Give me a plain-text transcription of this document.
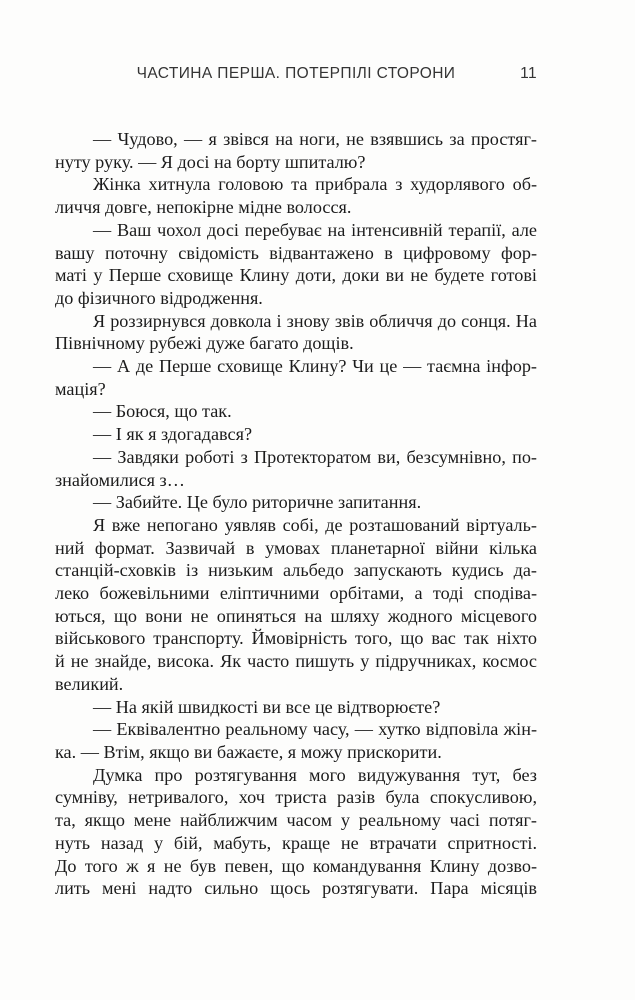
ЧАСТИНА ПЕРША. ПОТЕРПІЛІ СТОРОНИ	11
— Чудово, — я звівся на ноги, не взявшись за простяг-
нуту руку. — Я досі на борту шпиталю?
Жінка хитнула головою та прибрала з худорлявого об-
личчя довге, непокірне мідне волосся.
— Ваш чохол досі перебуває на інтенсивній терапії, але
вашу поточну свідомість відвантажено в цифровому фор-
маті у Перше сховище Клину доти, доки ви не будете готові
до фізичного відродження.
Я роззирнувся довкола і знову звів обличчя до сонця. На
Північному рубежі дуже багато дощів.
— А де Перше сховище Клину? Чи це — таємна інфор-
мація?
— Боюся, що так.
— І як я здогадався?
— Завдяки роботі з Протекторатом ви, безсумнівно, по-
знайомилися з…
— Забийте. Це було риторичне запитання.
Я вже непогано уявляв собі, де розташований віртуаль-
ний формат. Зазвичай в умовах планетарної війни кілька
станцій-сховків із низьким альбедо запускають кудись да-
леко божевільними еліптичними орбітами, а тоді сподіва-
ються, що вони не опиняться на шляху жодного місцевого
військового транспорту. Ймовірність того, що вас так ніхто
й не знайде, висока. Як часто пишуть у підручниках, космос
великий.
— На якій швидкості ви все це відтворюєте?
— Еквівалентно реальному часу, — хутко відповіла жін-
ка. — Втім, якщо ви бажаєте, я можу прискорити.
Думка про розтягування мого видужування тут, без
сумніву, нетривалого, хоч триста разів була спокусливою,
та, якщо мене найближчим часом у реальному часі потяг-
нуть назад у бій, мабуть, краще не втрачати спритності.
До того ж я не був певен, що командування Клину дозво-
лить мені надто сильно щось розтягувати. Пара місяців
